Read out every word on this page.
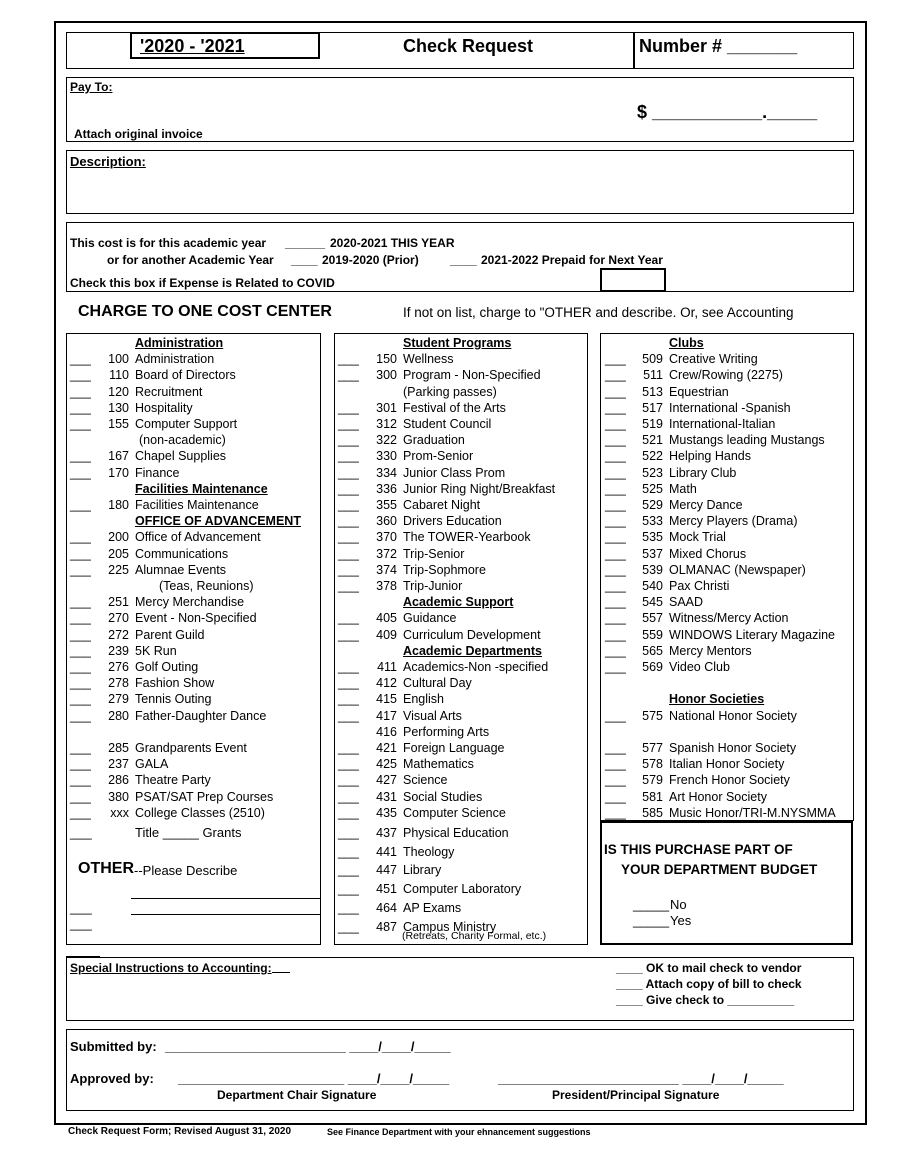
'2020 - '2021	Check Request	Number # _______
Pay To:
$ ___________._____
Attach original invoice
Description:
This cost is for this academic year ______ 2020-2021 THIS YEAR
or for another Academic Year ____ 2019-2020 (Prior)	____ 2021-2022 Prepaid for Next Year
Check this box if Expense is Related to COVID
CHARGE TO ONE COST CENTER	If not on list, charge to "OTHER and describe. Or, see Accounting
Administration
___ 100 Administration
___ 110 Board of Directors
___ 120 Recruitment
___ 130 Hospitality
___ 155 Computer Support
(non-academic)
___ 167 Chapel Supplies
___ 170 Finance
Facilities Maintenance
___ 180 Facilities Maintenance
OFFICE OF ADVANCEMENT
___ 200 Office of Advancement
___ 205 Communications
___ 225 Alumnae Events
(Teas, Reunions)
___ 251 Mercy Merchandise
___ 270 Event - Non-Specified
___ 272 Parent Guild
___ 239 5K Run
___ 276 Golf Outing
___ 278 Fashion Show
___ 279 Tennis Outing
___ 280 Father-Daughter Dance
___ 285 Grandparents Event
___ 237 GALA
___ 286 Theatre Party
___ 380 PSAT/SAT Prep Courses
___ xxx College Classes (2510)
Student Programs
___ 150 Wellness
___ 300 Program - Non-Specified
(Parking passes)
___ 301 Festival of the Arts
___ 312 Student Council
___ 322 Graduation
___ 330 Prom-Senior
___ 334 Junior Class Prom
___ 336 Junior Ring Night/Breakfast
___ 355 Cabaret Night
___ 360 Drivers Education
___ 370 The TOWER-Yearbook
___ 372 Trip-Senior
___ 374 Trip-Sophmore
___ 378 Trip-Junior
Academic Support
___ 405 Guidance
___ 409 Curriculum Development
Academic Departments
___ 411 Academics-Non -specified
___ 412 Cultural Day
___ 415 English
___ 417 Visual Arts
416 Performing Arts
___ 421 Foreign Language
___ 425 Mathematics
___ 427 Science
___ 431 Social Studies
___ 435 Computer Science
___ 437 Physical Education
___ 441 Theology
___ 447 Library
___ 451 Computer Laboratory
___ 464 AP Exams
___ 487 Campus Ministry
Clubs
___ 509 Creative Writing
___ 511 Crew/Rowing (2275)
___ 513 Equestrian
___ 517 International -Spanish
___ 519 International-Italian
___ 521 Mustangs leading Mustangs
___ 522 Helping Hands
___ 523 Library Club
___ 525 Math
___ 529 Mercy Dance
___ 533 Mercy Players (Drama)
___ 535 Mock Trial
___ 537 Mixed Chorus
___ 539 OLMANAC (Newspaper)
___ 540 Pax Christi
___ 545 SAAD
___ 557 Witness/Mercy Action
___ 559 WINDOWS Literary Magazine
___ 565 Mercy Mentors
___ 569 Video Club
Honor Societies
___ 575 National Honor Society
___ 577 Spanish Honor Society
___ 578 Italian Honor Society
___ 579 French Honor Society
___ 581 Art Honor Society
___ 585 Music Honor/TRI-M.NYSMMA
___	Title _____ Grants
OTHER --Please Describe
___
___
(Retreats, Charity Formal, etc.)
IS THIS PURCHASE PART OF
YOUR DEPARTMENT BUDGET
_____ No
_____ Yes
Special Instructions to Accounting:	____ OK to mail check to vendor
____ Attach copy of bill to check
____ Give check to __________
Submitted by: _________________________ ____/____/_____
Approved by: _______________________ ____/____/_____	_________________________ ____/____/_____
Department Chair Signature	President/Principal Signature
Check Request Form; Revised August 31, 2020	See Finance Department with your ehnancement suggestions
